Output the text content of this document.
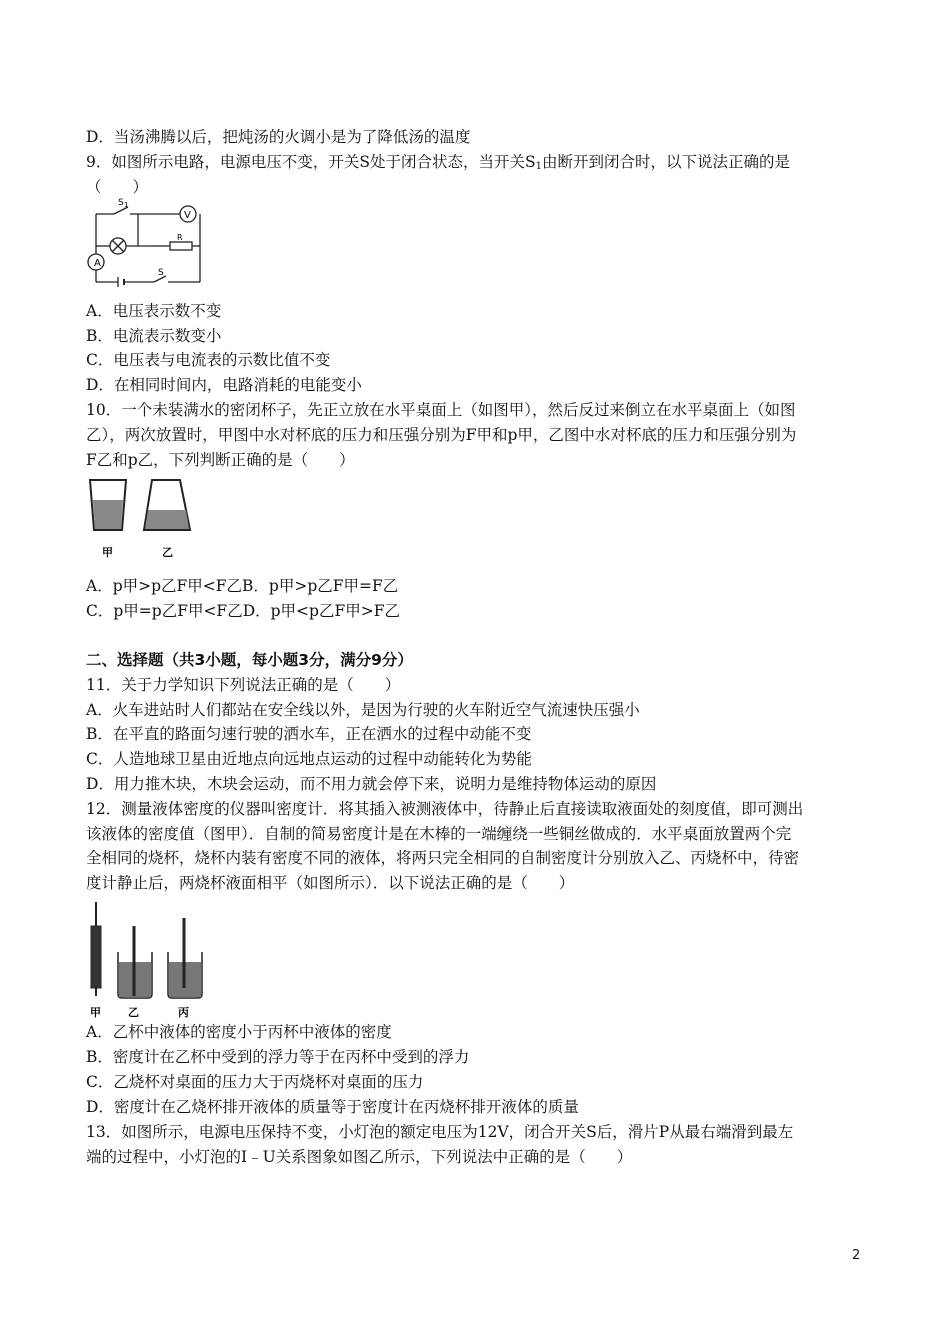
D．当汤沸腾以后，把炖汤的火调小是为了降低汤的温度
9．如图所示电路，电源电压不变，开关S处于闭合状态，当开关$S_1$由断开到闭合时，以下说法正确的是
（　　）
A
V
S 1
R
S
A．电压表示数不变
B．电流表示数变小
C．电压表与电流表的示数比值不变
D．在相同时间内，电路消耗的电能变小
10．一个未装满水的密闭杯子，先正立放在水平桌面上（如图甲），然后反过来倒立在水平桌面上（如图
乙），两次放置时，甲图中水对杯底的压力和压强分别为F甲和p甲，乙图中水对杯底的压力和压强分别为
F乙和p乙，下列判断正确的是（　　）
甲	乙
A．p甲>p乙F甲<F乙B．p甲>p乙F甲=F乙
C．p甲=p乙F甲<F乙D．p甲<p乙F甲>F乙
二、选择题（共3小题，每小题3分，满分9分）
11．关于力学知识下列说法正确的是（　　）
A．火车进站时人们都站在安全线以外，是因为行驶的火车附近空气流速快压强小
B．在平直的路面匀速行驶的洒水车，正在洒水的过程中动能不变
C．人造地球卫星由近地点向远地点运动的过程中动能转化为势能
D．用力推木块，木块会运动，而不用力就会停下来，说明力是维持物体运动的原因
12．测量液体密度的仪器叫密度计．将其插入被测液体中，待静止后直接读取液面处的刻度值，即可测出
该液体的密度值（图甲）．自制的简易密度计是在木棒的一端缠绕一些铜丝做成的．水平桌面放置两个完
全相同的烧杯，烧杯内装有密度不同的液体，将两只完全相同的自制密度计分别放入乙、丙烧杯中，待密
度计静止后，两烧杯液面相平（如图所示）．以下说法正确的是（　　）
甲 乙	丙
A．乙杯中液体的密度小于丙杯中液体的密度
B．密度计在乙杯中受到的浮力等于在丙杯中受到的浮力
C．乙烧杯对桌面的压力大于丙烧杯对桌面的压力
D．密度计在乙烧杯排开液体的质量等于密度计在丙烧杯排开液体的质量
13．如图所示，电源电压保持不变，小灯泡的额定电压为12V，闭合开关S后，滑片P从最右端滑到最左
端的过程中，小灯泡的I﹣U关系图象如图乙所示，下列说法中正确的是（　　）
2
